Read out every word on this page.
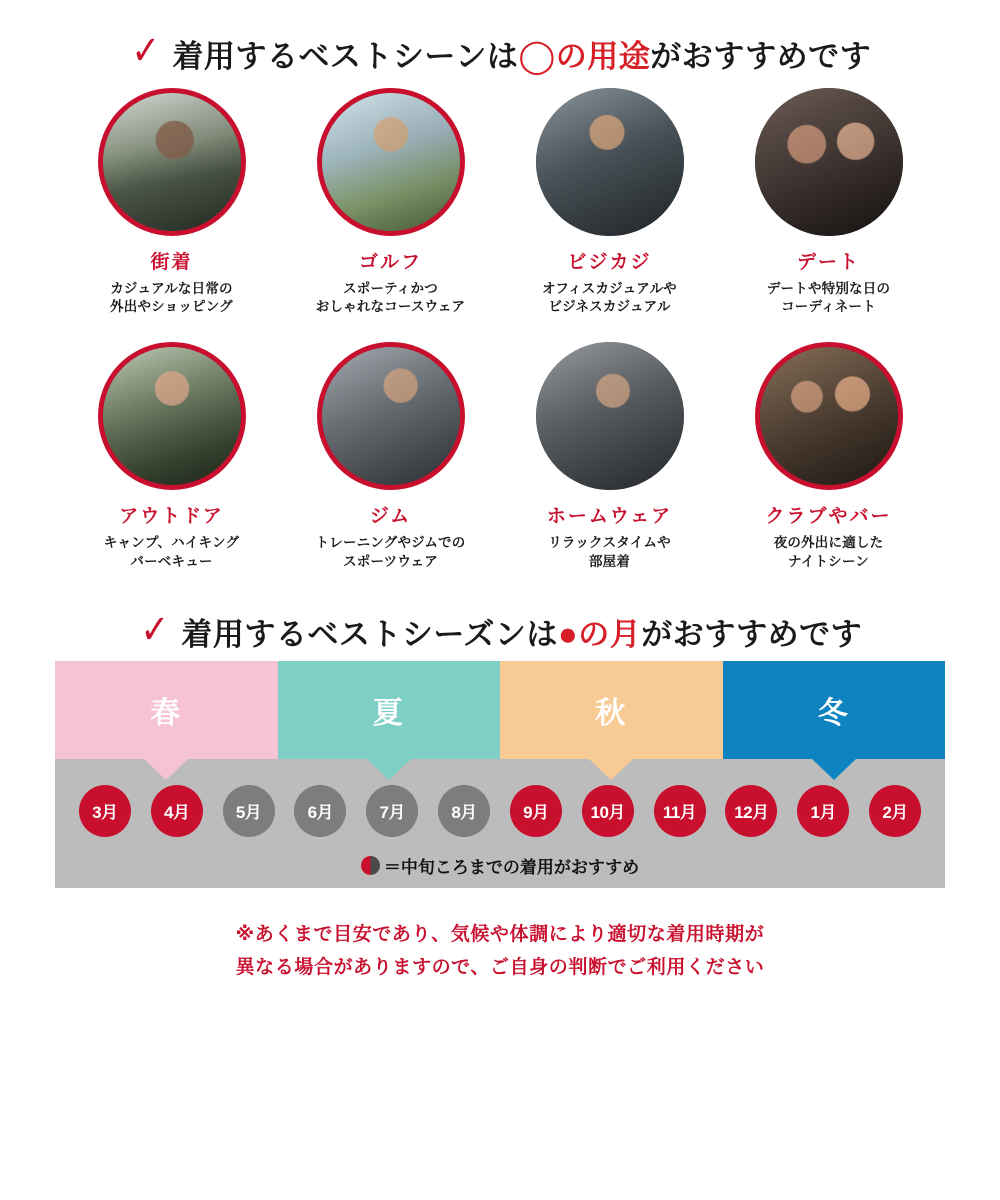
✓ 着用するベストシーンは◯の用途がおすすめです
街着
カジュアルな日常の
外出やショッピング
ゴルフ
スポーティかつ
おしゃれなコースウェア
ビジカジ
オフィスカジュアルや
ビジネスカジュアル
デート
デートや特別な日の
コーディネート
アウトドア
キャンプ、ハイキング
バーベキュー
ジム
トレーニングやジムでの
スポーツウェア
ホームウェア
リラックスタイムや
部屋着
クラブやバー
夜の外出に適した
ナイトシーン
✓ 着用するベストシーズンは●の月がおすすめです
春	夏	秋	冬
3月	4月	5月	6月	7月	8月	9月	10月	11月	12月	1月	2月
＝中旬ころまでの着用がおすすめ
※あくまで目安であり、気候や体調により適切な着用時期が
異なる場合がありますので、ご自身の判断でご利用ください
